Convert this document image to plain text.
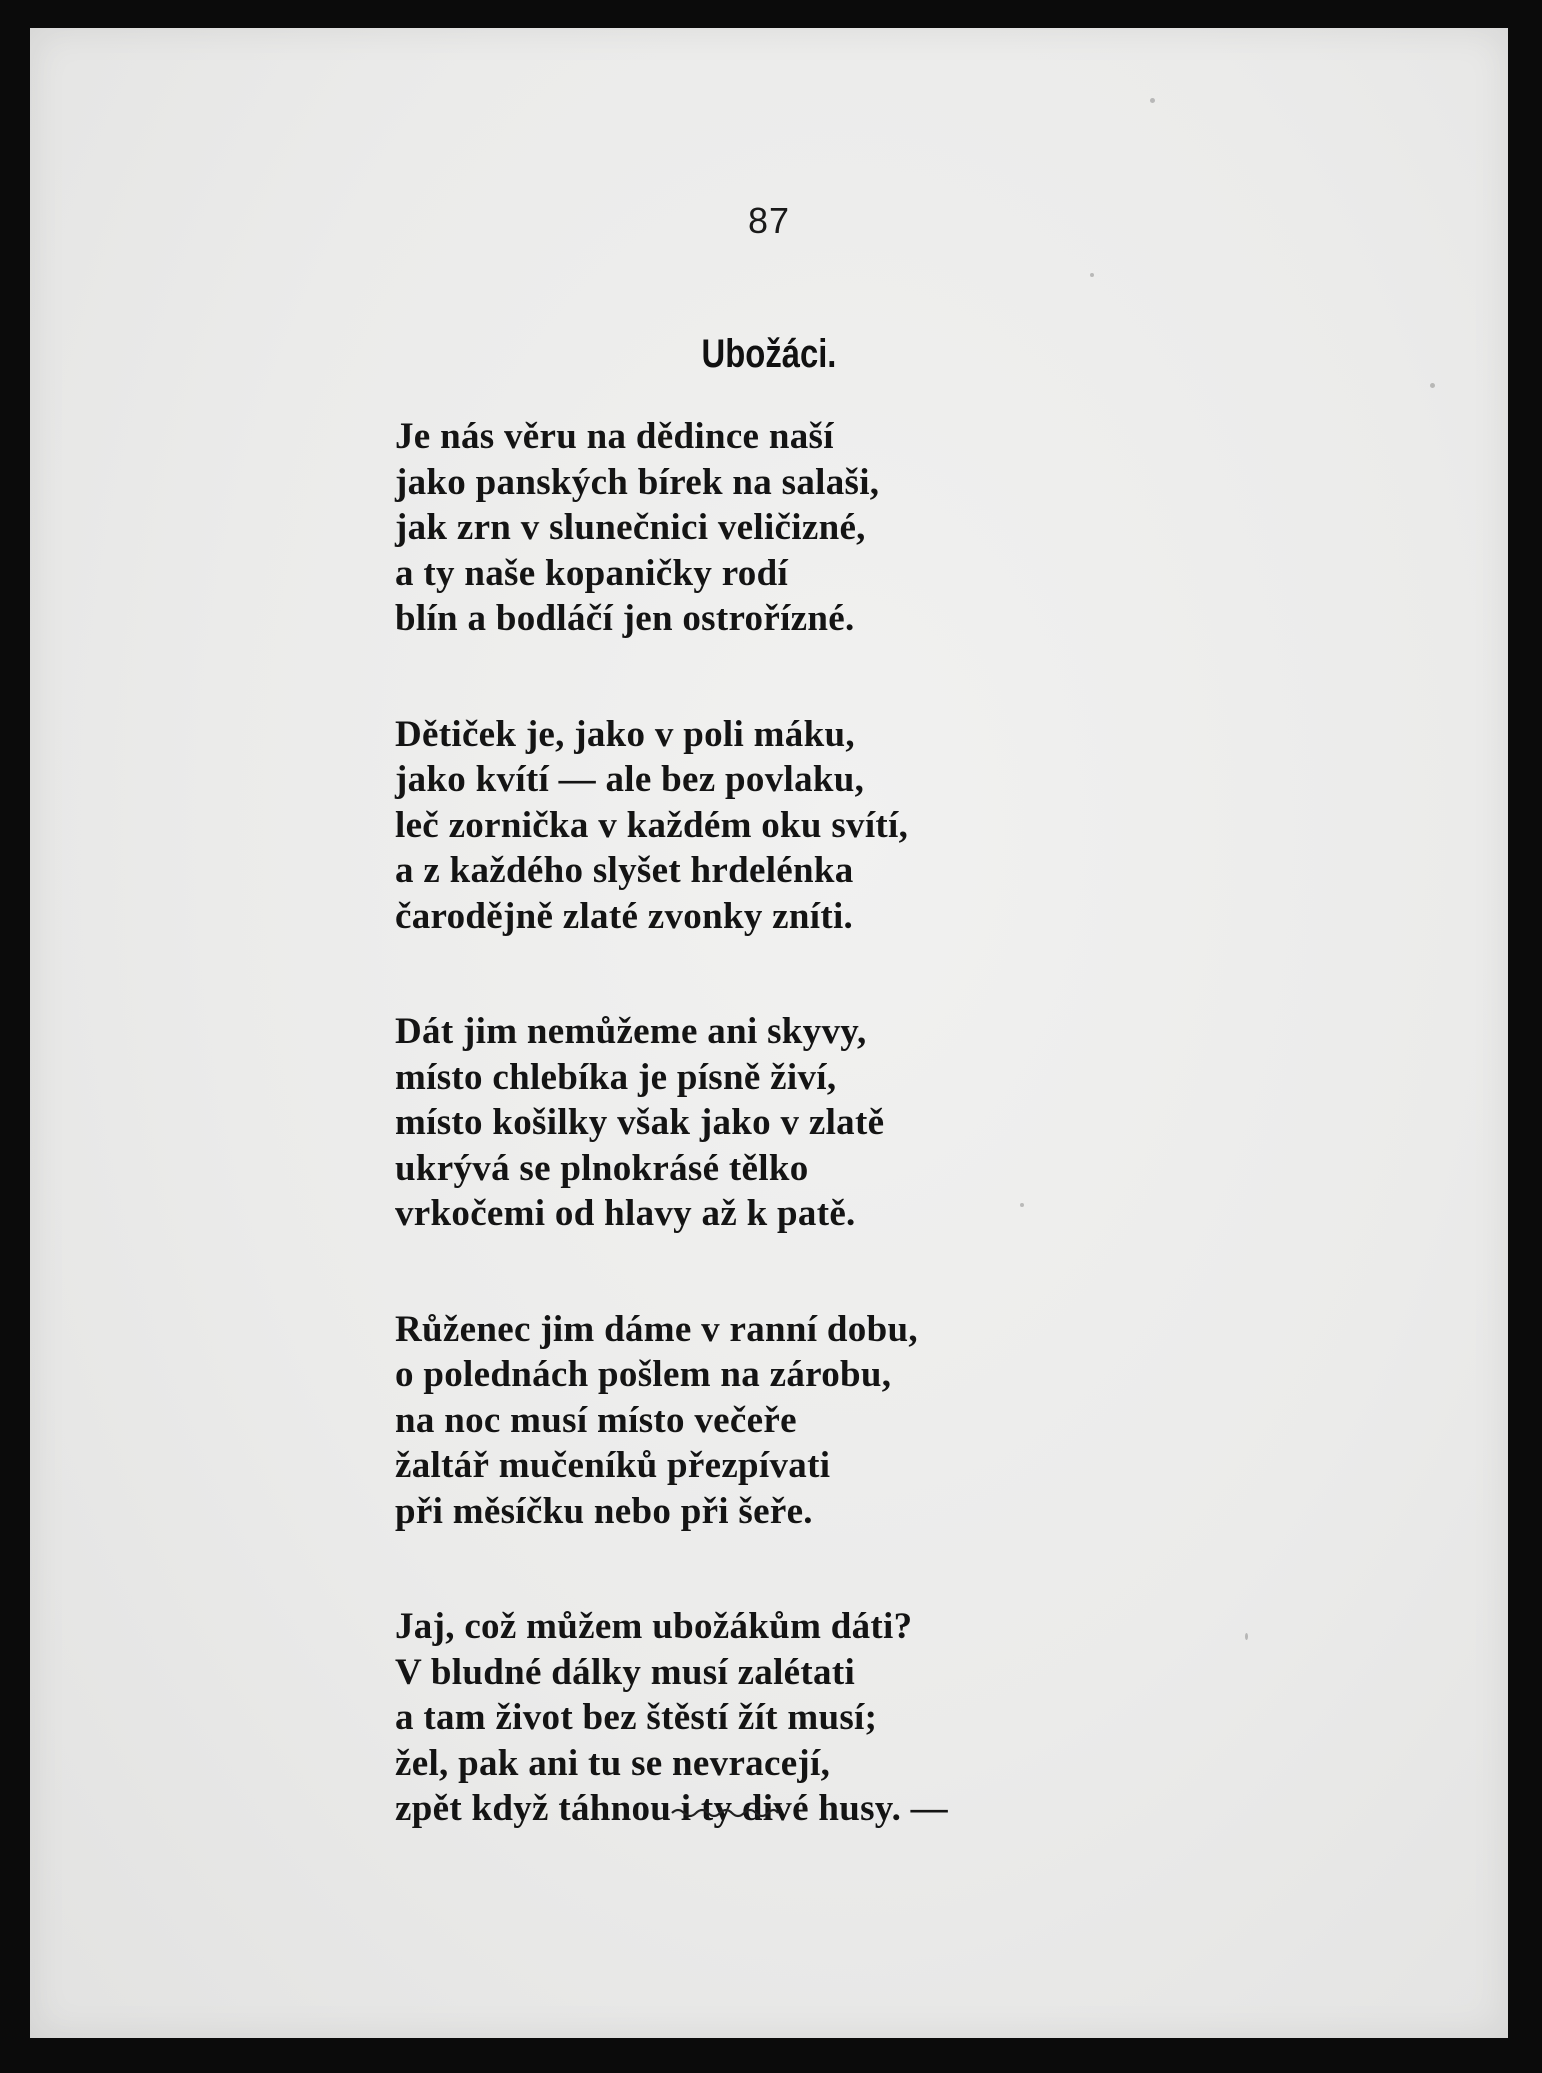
87
Ubožáci.
Je nás věru na dědince naší
jako panských bírek na salaši,
jak zrn v slunečnici veličizné,
a ty naše kopaničky rodí
blín a bodláčí jen ostrořízné.
Dětiček je, jako v poli máku,
jako kvítí — ale bez povlaku,
leč zornička v každém oku svítí,
a z každého slyšet hrdelénka
čarodějně zlaté zvonky zníti.
Dát jim nemůžeme ani skyvy,
místo chlebíka je písně živí,
místo košilky však jako v zlatě
ukrývá se plnokrásé tělko
vrkočemi od hlavy až k patě.
Růženec jim dáme v ranní dobu,
o polednách pošlem na zárobu,
na noc musí místo večeře
žaltář mučeníků přezpívati
při měsíčku nebo při šeře.
Jaj, což můžem ubožákům dáti?
V bludné dálky musí zalétati
a tam život bez štěstí žít musí;
žel, pak ani tu se nevracejí,
zpět když táhnou i ty divé husy. —
